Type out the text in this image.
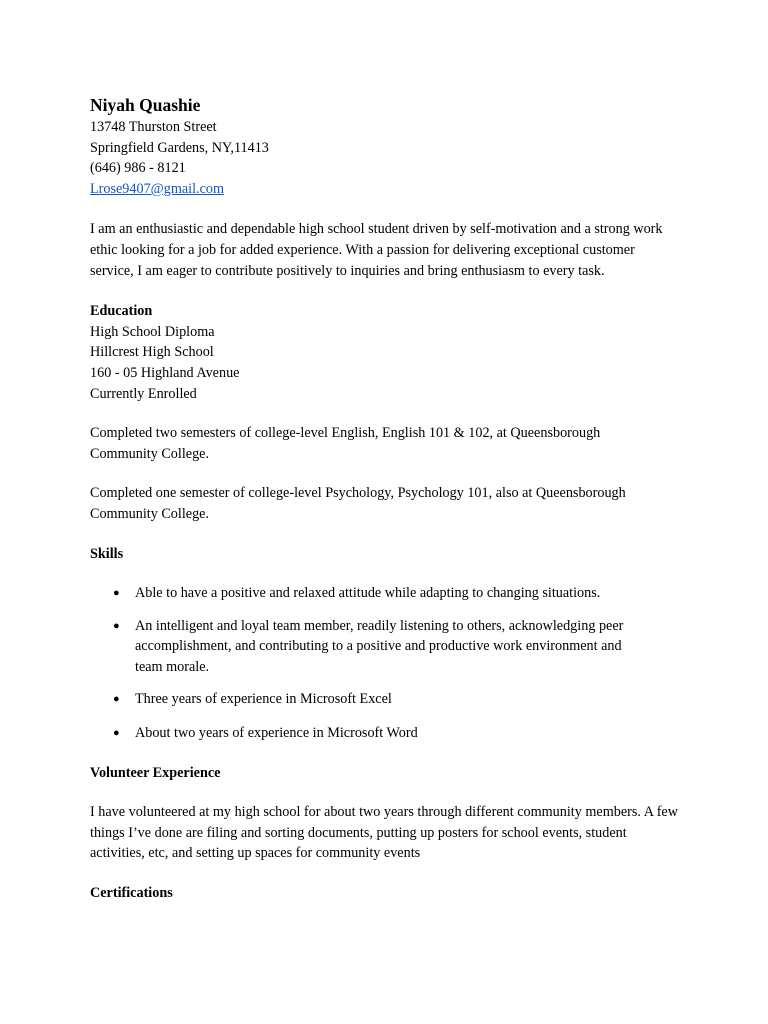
Niyah Quashie
13748 Thurston Street
Springfield Gardens, NY,11413
(646) 986 - 8121
Lrose9407@gmail.com

I am an enthusiastic and dependable high school student driven by self-motivation and a strong work ethic looking for a job for added experience. With a passion for delivering exceptional customer service, I am eager to contribute positively to inquiries and bring enthusiasm to every task.

Education
High School Diploma
Hillcrest High School
160 - 05 Highland Avenue
Currently Enrolled

Completed two semesters of college-level English, English 101 & 102, at Queensborough Community College.

Completed one semester of college-level Psychology, Psychology 101, also at Queensborough Community College.

Skills
● Able to have a positive and relaxed attitude while adapting to changing situations.
● An intelligent and loyal team member, readily listening to others, acknowledging peer accomplishment, and contributing to a positive and productive work environment and team morale.
● Three years of experience in Microsoft Excel
● About two years of experience in Microsoft Word
Volunteer Experience

I have volunteered at my high school for about two years through different community members. A few things I’ve done are filing and sorting documents, putting up posters for school events, student activities, etc, and setting up spaces for community events

Certifications
